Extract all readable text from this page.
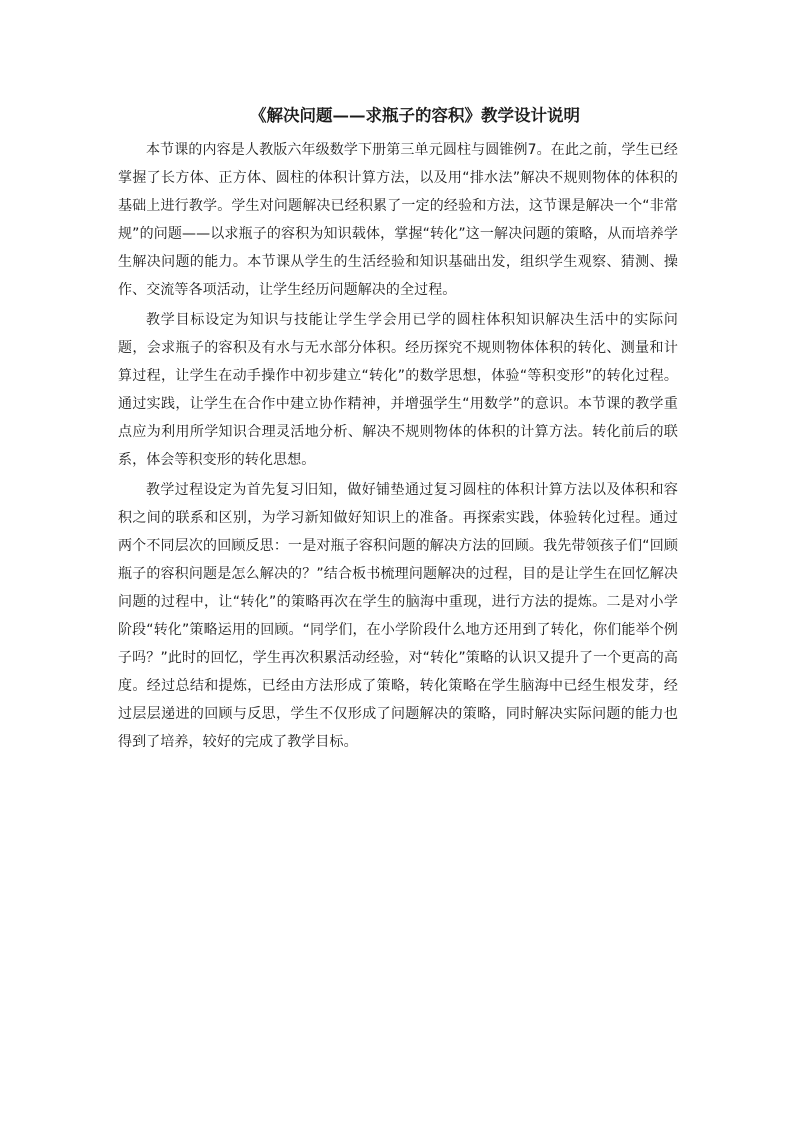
《解决问题——求瓶子的容积》教学设计说明

本节课的内容是人教版六年级数学下册第三单元圆柱与圆锥例7。在此之前，学生已经掌握了长方体、正方体、圆柱的体积计算方法，以及用“排水法”解决不规则物体的体积的基础上进行教学。学生对问题解决已经积累了一定的经验和方法，这节课是解决一个“非常规”的问题——以求瓶子的容积为知识载体，掌握“转化”这一解决问题的策略，从而培养学生解决问题的能力。本节课从学生的生活经验和知识基础出发，组织学生观察、猜测、操作、交流等各项活动，让学生经历问题解决的全过程。

教学目标设定为知识与技能让学生学会用已学的圆柱体积知识解决生活中的实际问题，会求瓶子的容积及有水与无水部分体积。经历探究不规则物体体积的转化、测量和计算过程，让学生在动手操作中初步建立“转化”的数学思想，体验“等积变形”的转化过程。通过实践，让学生在合作中建立协作精神，并增强学生“用数学”的意识。本节课的教学重点应为利用所学知识合理灵活地分析、解决不规则物体的体积的计算方法。转化前后的联系，体会等积变形的转化思想。

教学过程设定为首先复习旧知，做好铺垫通过复习圆柱的体积计算方法以及体积和容积之间的联系和区别，为学习新知做好知识上的准备。再探索实践，体验转化过程。通过两个不同层次的回顾反思：一是对瓶子容积问题的解决方法的回顾。我先带领孩子们“回顾瓶子的容积问题是怎么解决的？”结合板书梳理问题解决的过程，目的是让学生在回忆解决问题的过程中，让“转化”的策略再次在学生的脑海中重现，进行方法的提炼。二是对小学阶段“转化”策略运用的回顾。“同学们，在小学阶段什么地方还用到了转化，你们能举个例子吗？”此时的回忆，学生再次积累活动经验，对“转化”策略的认识又提升了一个更高的高度。经过总结和提炼，已经由方法形成了策略，转化策略在学生脑海中已经生根发芽，经过层层递进的回顾与反思，学生不仅形成了问题解决的策略，同时解决实际问题的能力也得到了培养，较好的完成了教学目标。
